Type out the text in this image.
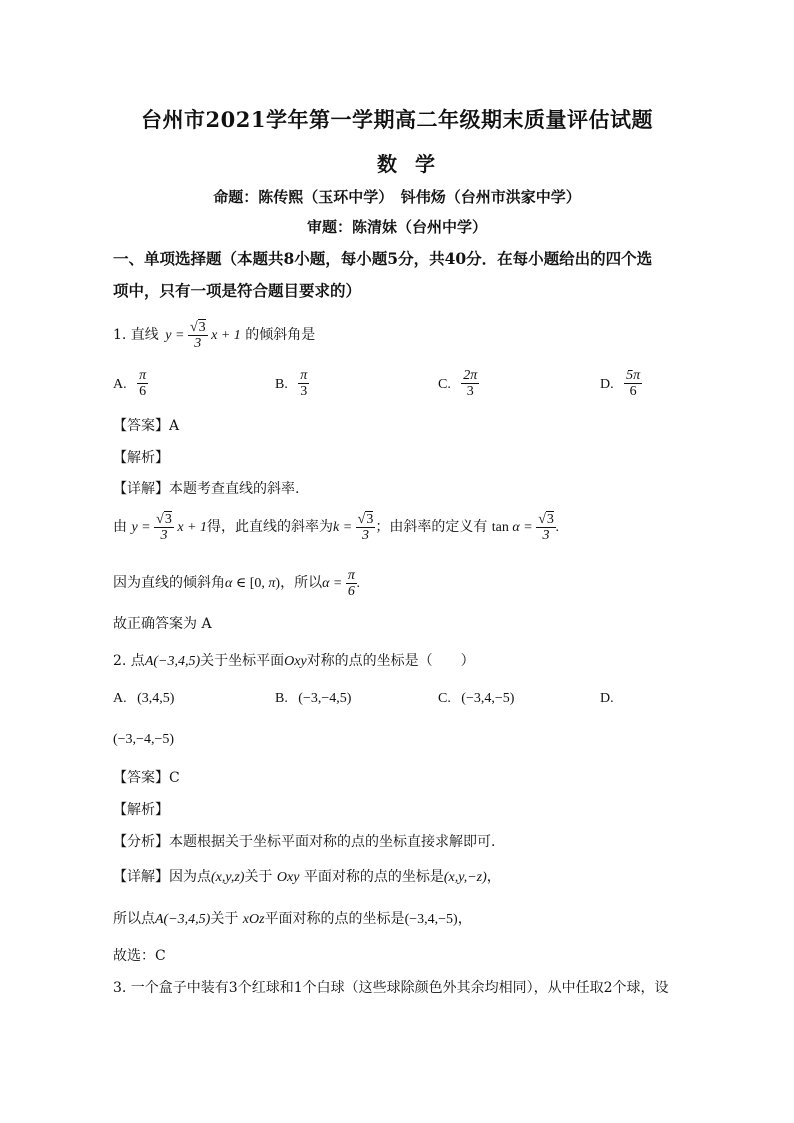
台州市2021学年第一学期高二年级期末质量评估试题
数学
命题：陈传熙（玉环中学）　钭伟炀（台州市洪家中学）
审题：陈清妹（台州中学）
一、单项选择题（本题共8小题，每小题5分，共40分．在每小题给出的四个选
项中，只有一项是符合题目要求的）
1. 直线 $y = \frac{√3}{3}$ x + 1 的倾斜角是
A. $\frac{\pi}{6}$	B. $\frac{\pi}{3}$	C. $\frac{2\pi}{3}$	D. $\frac{5\pi}{6}$
【答案】A
【解析】
【详解】本题考查直线的斜率.
由 $y = \frac{√3}{3}$ x + 1得，此直线的斜率为$k = \frac{√3}{3}$ ；由斜率的定义有 $\tan \alpha = \frac{√3}{3}$ .
因为直线的倾斜角α ∈ [0, π)，所以$\alpha = \frac{\pi}{6}$ .
故正确答案为 A
2. 点A(−3,4,5)关于坐标平面Oxy对称的点的坐标是（　　）
A. (3,4,5)	B. (−3,−4,5)	C. (−3,4,−5)	D.
(−3,−4,−5)
【答案】C
【解析】
【分析】本题根据关于坐标平面对称的点的坐标直接求解即可.
【详解】因为点(x,y,z)关于 Oxy 平面对称的点的坐标是(x,y,−z)，
所以点A(−3,4,5)关于 xOz平面对称的点的坐标是(−3,4,−5)，
故选：C
3. 一个盒子中装有3个红球和1个白球（这些球除颜色外其余均相同），从中任取2个球，设
